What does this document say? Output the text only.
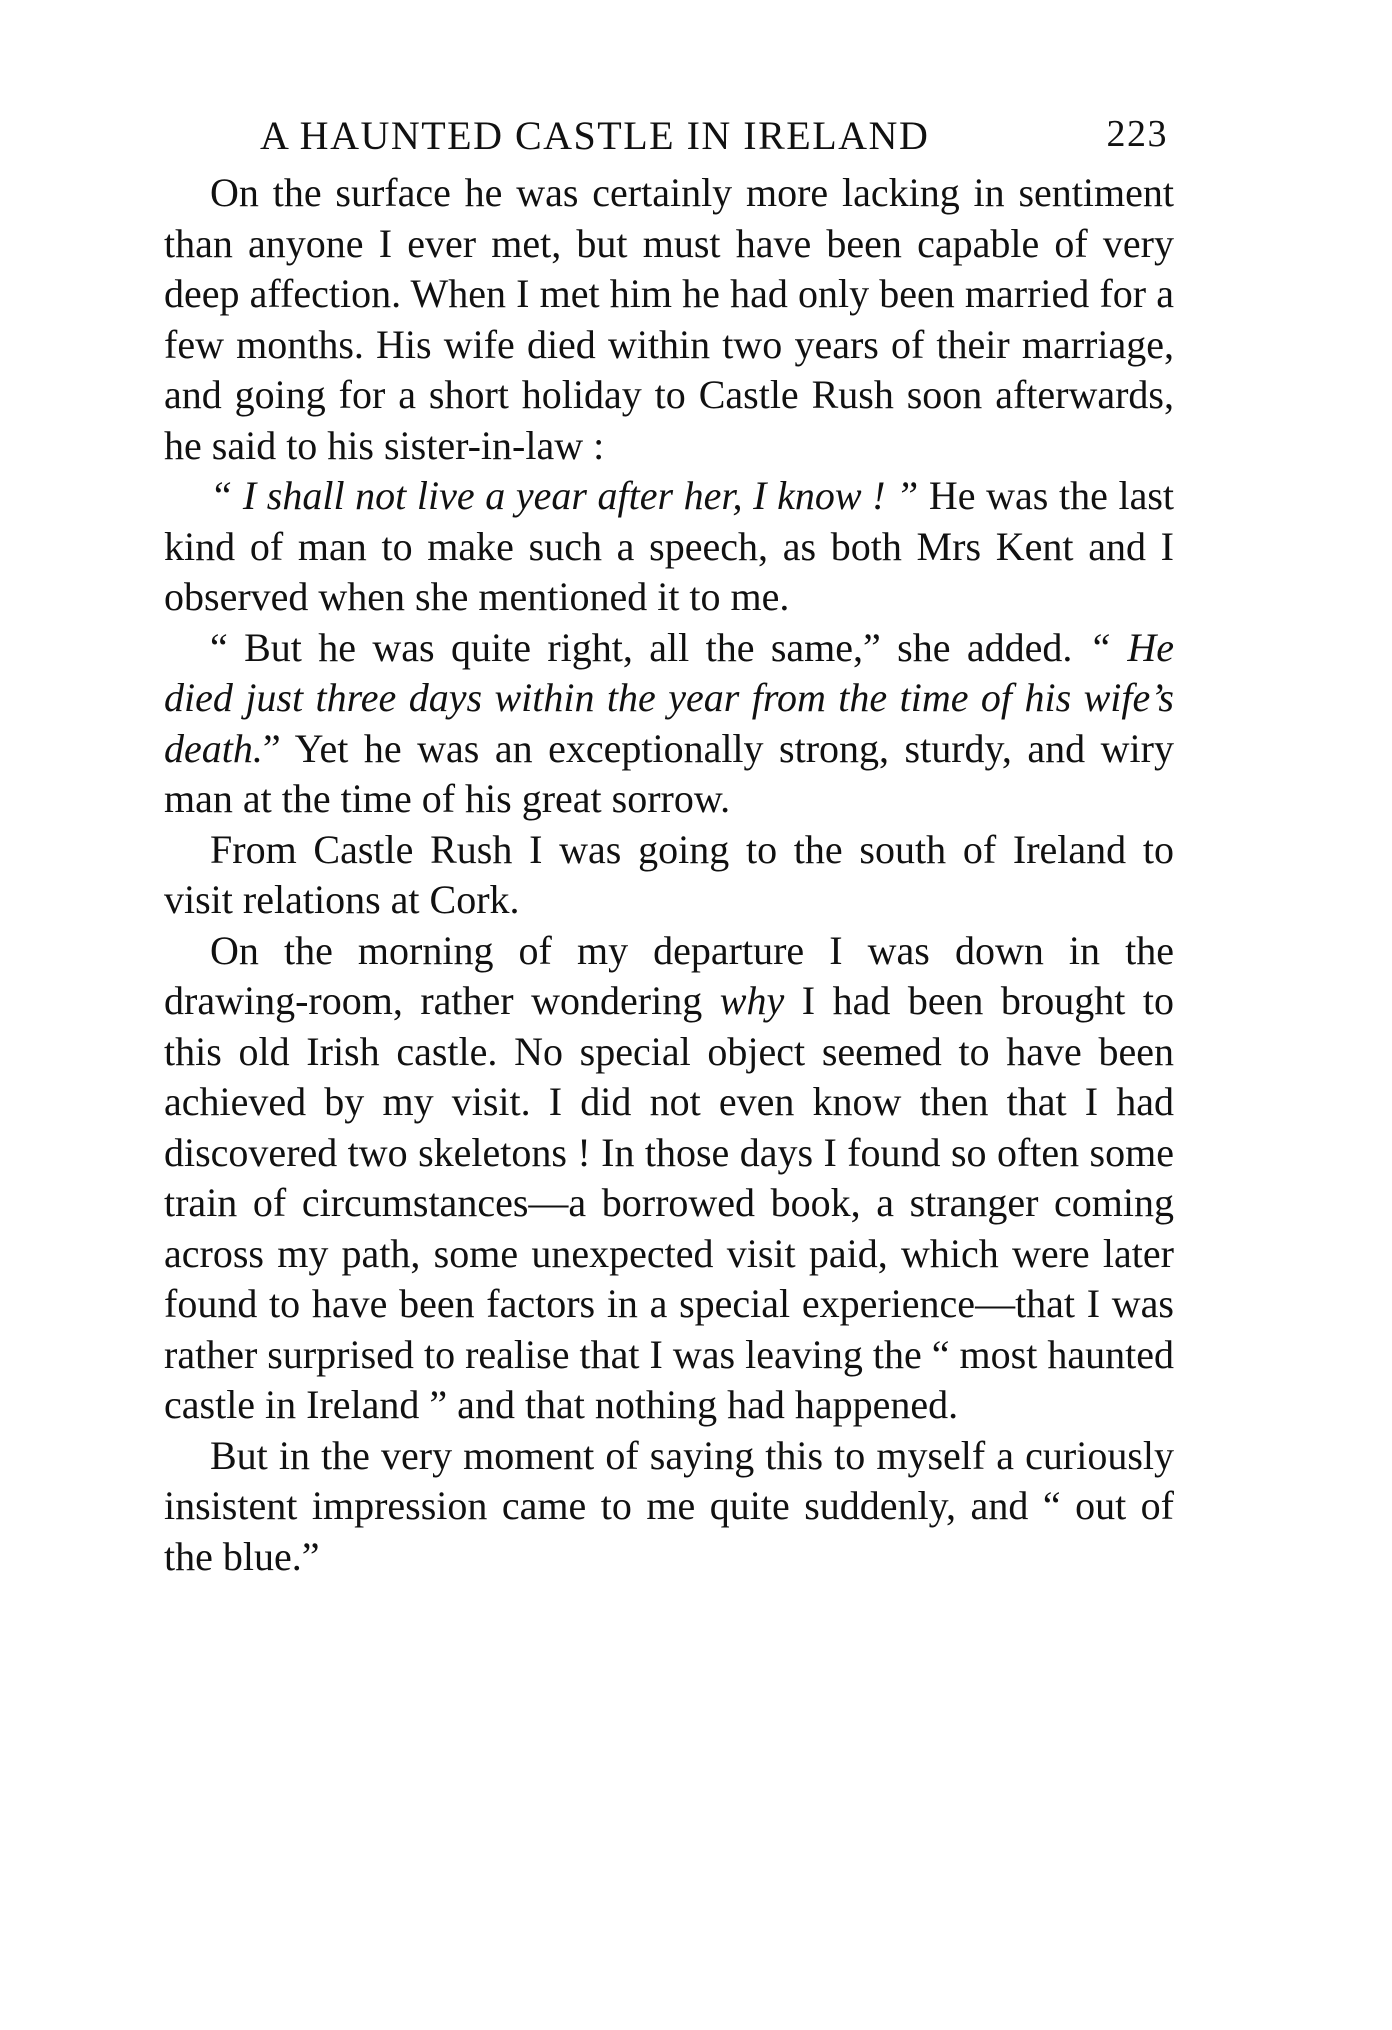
A HAUNTED CASTLE IN IRELAND	223

On the surface he was certainly more lacking in sentiment than anyone I ever met, but must have been capable of very deep affection. When I met him he had only been married for a few months. His wife died within two years of their marriage, and going for a short holiday to Castle Rush soon afterwards, he said to his sister-in-law :

“ I shall not live a year after her, I know ! ” He was the last kind of man to make such a speech, as both Mrs Kent and I observed when she mentioned it to me.

“ But he was quite right, all the same,” she added. “ He died just three days within the year from the time of his wife’s death.” Yet he was an exceptionally strong, sturdy, and wiry man at the time of his great sorrow.

From Castle Rush I was going to the south of Ireland to visit relations at Cork.

On the morning of my departure I was down in the drawing-room, rather wondering why I had been brought to this old Irish castle. No special object seemed to have been achieved by my visit. I did not even know then that I had discovered two skeletons ! In those days I found so often some train of circumstances—a borrowed book, a stranger coming across my path, some unexpected visit paid, which were later found to have been factors in a special experience—that I was rather surprised to realise that I was leaving the “ most haunted castle in Ireland ” and that nothing had happened.

But in the very moment of saying this to myself a curiously insistent impression came to me quite suddenly, and “ out of the blue.”
